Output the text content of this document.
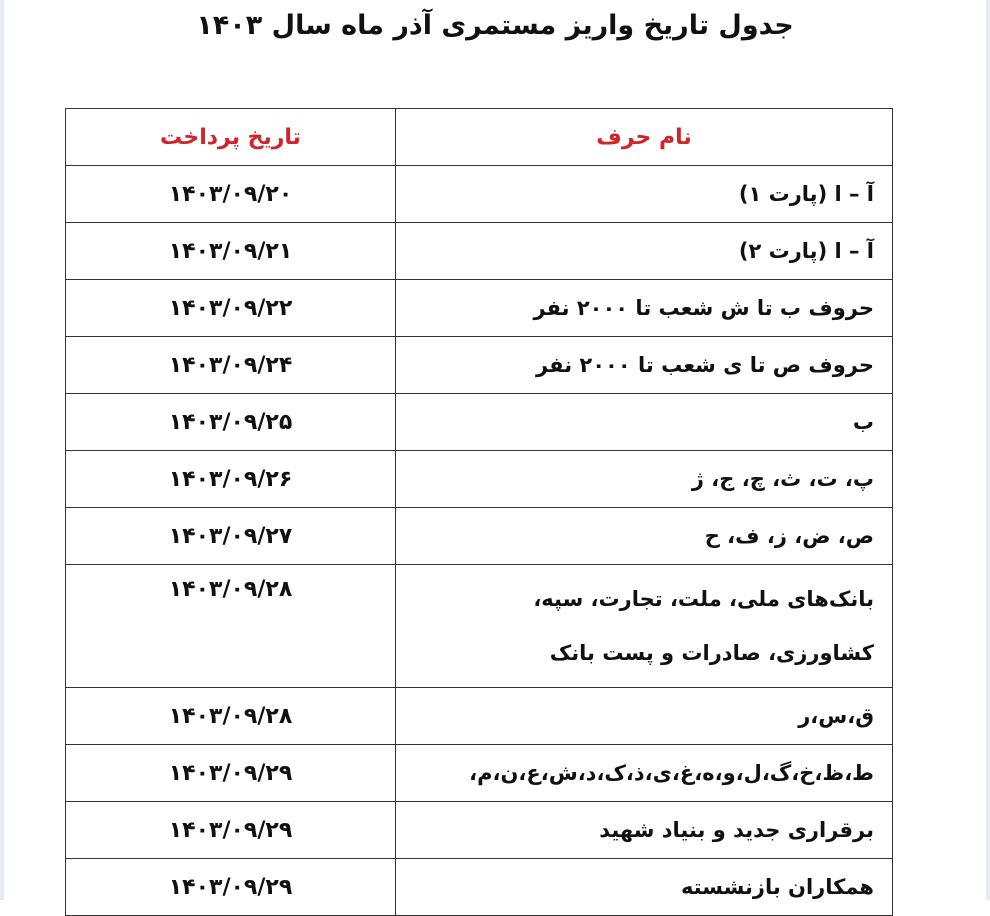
جدول تاریخ واریز مستمری آذر ماه سال ۱۴۰۳
نام حرف	تاریخ پرداخت
آ – ا (پارت ۱)	۱۴۰۳/۰۹/۲۰
آ – ا (پارت ۲)	۱۴۰۳/۰۹/۲۱
حروف ب تا ش شعب تا ۲۰۰۰ نفر	۱۴۰۳/۰۹/۲۲
حروف ص تا ی شعب تا ۲۰۰۰ نفر	۱۴۰۳/۰۹/۲۴
ب	۱۴۰۳/۰۹/۲۵
پ، ت، ث، چ، ج، ژ	۱۴۰۳/۰۹/۲۶
ص، ض، ز، ف، ح	۱۴۰۳/۰۹/۲۷

بانک‌های ملی، ملت، تجارت، سپه،
کشاورزی، صادرات و پست بانک	۱۴۰۳/۰۹/۲۸
ق،س،ر	۱۴۰۳/۰۹/۲۸
ط،ظ،خ،گ،ل،و،ه،غ،ی،ذ،ک،د،ش،ع،ن،م،	۱۴۰۳/۰۹/۲۹
برقراری جدید و بنیاد شهید	۱۴۰۳/۰۹/۲۹
همکاران بازنشسته	۱۴۰۳/۰۹/۲۹
